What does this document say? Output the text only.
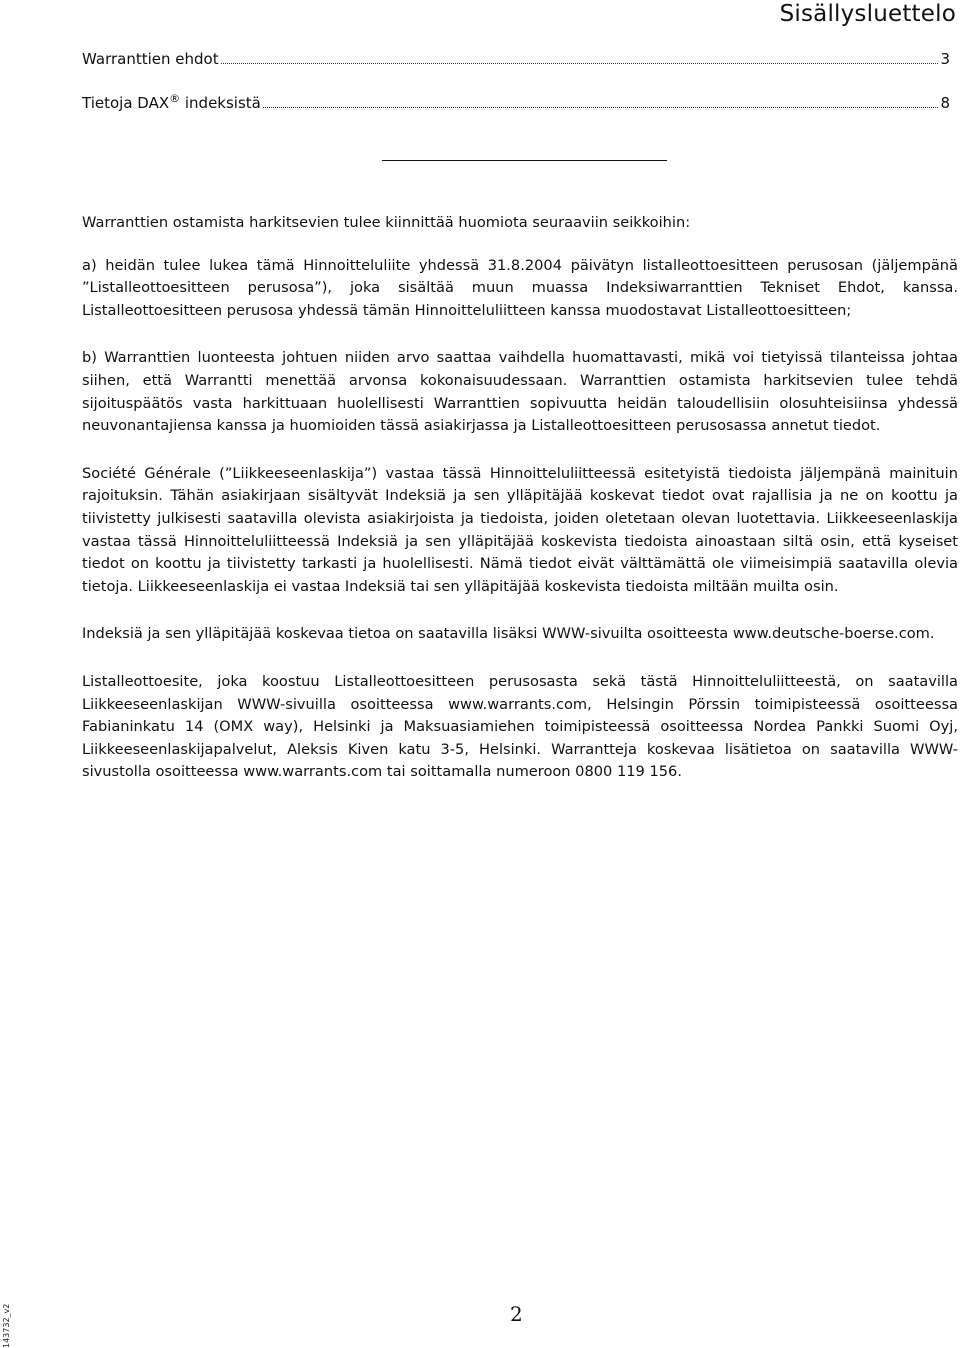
Sisällysluettelo
Warranttien ehdot	3
Tietoja DAX® indeksistä	8

Warranttien ostamista harkitsevien tulee kiinnittää huomiota seuraaviin seikkoihin:

a) heidän tulee lukea tämä Hinnoitteluliite yhdessä 31.8.2004 päivätyn listalleottoesitteen perusosan (jäljempänä ”Listalleottoesitteen perusosa”), joka sisältää muun muassa Indeksiwarranttien Tekniset Ehdot, kanssa. Listalleottoesitteen perusosa yhdessä tämän Hinnoitteluliitteen kanssa muodostavat Listalleottoesitteen;

b) Warranttien luonteesta johtuen niiden arvo saattaa vaihdella huomattavasti, mikä voi tietyissä tilanteissa johtaa siihen, että Warrantti menettää arvonsa kokonaisuudessaan. Warranttien ostamista harkitsevien tulee tehdä sijoituspäätös vasta harkittuaan huolellisesti Warranttien sopivuutta heidän taloudellisiin olosuhteisiinsa yhdessä neuvonantajiensa kanssa ja huomioiden tässä asiakirjassa ja Listalleottoesitteen perusosassa annetut tiedot.

Société Générale (”Liikkeeseenlaskija”) vastaa tässä Hinnoitteluliitteessä esitetyistä tiedoista jäljempänä mainituin rajoituksin. Tähän asiakirjaan sisältyvät Indeksiä ja sen ylläpitäjää koskevat tiedot ovat rajallisia ja ne on koottu ja tiivistetty julkisesti saatavilla olevista asiakirjoista ja tiedoista, joiden oletetaan olevan luotettavia. Liikkeeseenlaskija vastaa tässä Hinnoitteluliitteessä Indeksiä ja sen ylläpitäjää koskevista tiedoista ainoastaan siltä osin, että kyseiset tiedot on koottu ja tiivistetty tarkasti ja huolellisesti. Nämä tiedot eivät välttämättä ole viimeisimpiä saatavilla olevia tietoja. Liikkeeseenlaskija ei vastaa Indeksiä tai sen ylläpitäjää koskevista tiedoista miltään muilta osin.

Indeksiä ja sen ylläpitäjää koskevaa tietoa on saatavilla lisäksi WWW-sivuilta osoitteesta www.deutsche-boerse.com.

Listalleottoesite, joka koostuu Listalleottoesitteen perusosasta sekä tästä Hinnoitteluliitteestä, on saatavilla Liikkeeseenlaskijan WWW-sivuilla osoitteessa www.warrants.com, Helsingin Pörssin toimipisteessä osoitteessa Fabianinkatu 14 (OMX way), Helsinki ja Maksuasiamiehen toimipisteessä osoitteessa Nordea Pankki Suomi Oyj, Liikkeeseenlaskijapalvelut, Aleksis Kiven katu 3-5, Helsinki. Warrantteja koskevaa lisätietoa on saatavilla WWW-sivustolla osoitteessa www.warrants.com tai soittamalla numeroon 0800 119 156.

2
143732_v2
